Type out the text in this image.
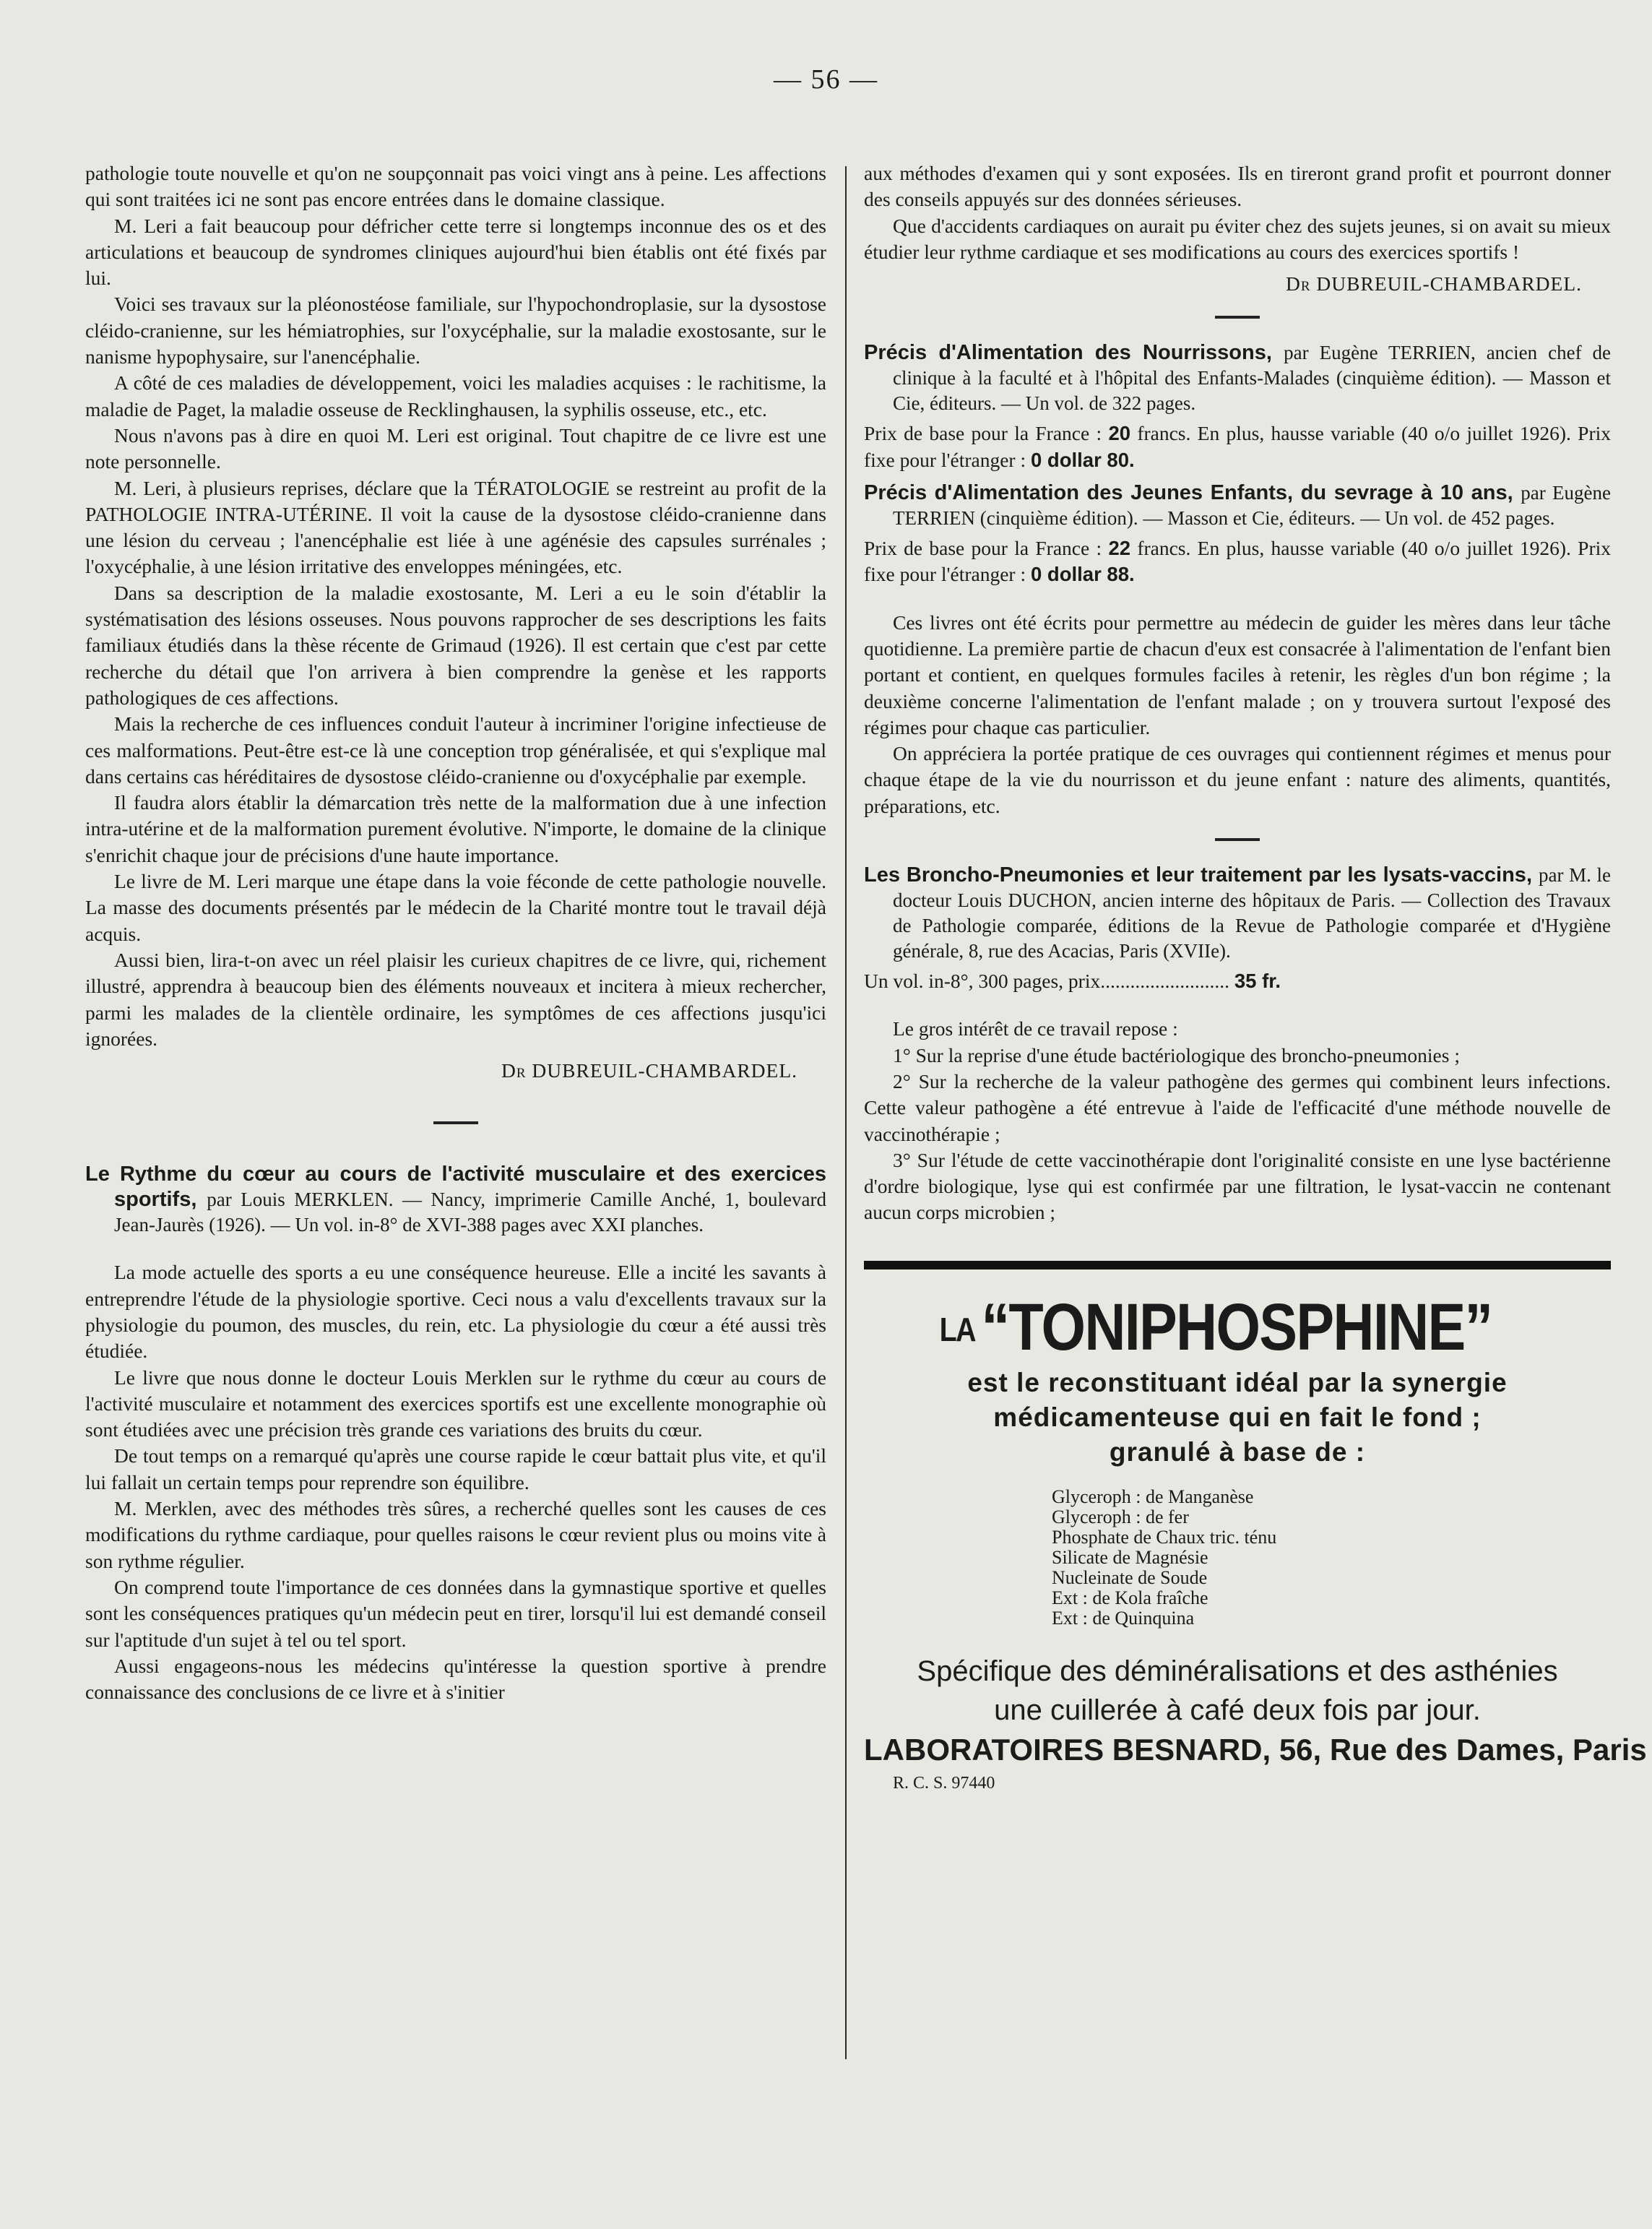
— 56 —

pathologie toute nouvelle et qu'on ne soupçonnait pas voici vingt ans à peine. Les affections qui sont traitées ici ne sont pas encore entrées dans le domaine classique.

M. Leri a fait beaucoup pour défricher cette terre si longtemps inconnue des os et des articulations et beaucoup de syndromes cliniques aujourd'hui bien établis ont été fixés par lui.

Voici ses travaux sur la pléonostéose familiale, sur l'hypochondroplasie, sur la dysostose cléido-cranienne, sur les hémiatrophies, sur l'oxycéphalie, sur la maladie exostosante, sur le nanisme hypophysaire, sur l'anencéphalie.

A côté de ces maladies de développement, voici les maladies acquises : le rachitisme, la maladie de Paget, la maladie osseuse de Recklinghausen, la syphilis osseuse, etc., etc.

Nous n'avons pas à dire en quoi M. Leri est original. Tout chapitre de ce livre est une note personnelle.

M. Leri, à plusieurs reprises, déclare que la TÉRATOLOGIE se restreint au profit de la PATHOLOGIE INTRA-UTÉRINE. Il voit la cause de la dysostose cléido-cranienne dans une lésion du cerveau ; l'anencéphalie est liée à une agénésie des capsules surrénales ; l'oxycéphalie, à une lésion irritative des enveloppes méningées, etc.

Dans sa description de la maladie exostosante, M. Leri a eu le soin d'établir la systématisation des lésions osseuses. Nous pouvons rapprocher de ses descriptions les faits familiaux étudiés dans la thèse récente de Grimaud (1926). Il est certain que c'est par cette recherche du détail que l'on arrivera à bien comprendre la genèse et les rapports pathologiques de ces affections.

Mais la recherche de ces influences conduit l'auteur à incriminer l'origine infectieuse de ces malformations. Peut-être est-ce là une conception trop généralisée, et qui s'explique mal dans certains cas héréditaires de dysostose cléido-cranienne ou d'oxycéphalie par exemple.

Il faudra alors établir la démarcation très nette de la malformation due à une infection intra-utérine et de la malformation purement évolutive. N'importe, le domaine de la clinique s'enrichit chaque jour de précisions d'une haute importance.

Le livre de M. Leri marque une étape dans la voie féconde de cette pathologie nouvelle. La masse des documents présentés par le médecin de la Charité montre tout le travail déjà acquis.

Aussi bien, lira-t-on avec un réel plaisir les curieux chapitres de ce livre, qui, richement illustré, apprendra à beaucoup bien des éléments nouveaux et incitera à mieux rechercher, parmi les malades de la clientèle ordinaire, les symptômes de ces affections jusqu'ici ignorées.

Dr DUBREUIL-CHAMBARDEL.

Le Rythme du cœur au cours de l'activité musculaire et des exercices sportifs, par Louis MERKLEN. — Nancy, imprimerie Camille Anché, 1, boulevard Jean-Jaurès (1926). — Un vol. in-8° de XVI-388 pages avec XXI planches.

La mode actuelle des sports a eu une conséquence heureuse. Elle a incité les savants à entreprendre l'étude de la physiologie sportive. Ceci nous a valu d'excellents travaux sur la physiologie du poumon, des muscles, du rein, etc. La physiologie du cœur a été aussi très étudiée.

Le livre que nous donne le docteur Louis Merklen sur le rythme du cœur au cours de l'activité musculaire et notamment des exercices sportifs est une excellente monographie où sont étudiées avec une précision très grande ces variations des bruits du cœur.

De tout temps on a remarqué qu'après une course rapide le cœur battait plus vite, et qu'il lui fallait un certain temps pour reprendre son équilibre.

M. Merklen, avec des méthodes très sûres, a recherché quelles sont les causes de ces modifications du rythme cardiaque, pour quelles raisons le cœur revient plus ou moins vite à son rythme régulier.

On comprend toute l'importance de ces données dans la gymnastique sportive et quelles sont les conséquences pratiques qu'un médecin peut en tirer, lorsqu'il lui est demandé conseil sur l'aptitude d'un sujet à tel ou tel sport.

Aussi engageons-nous les médecins qu'intéresse la question sportive à prendre connaissance des conclusions de ce livre et à s'initier

aux méthodes d'examen qui y sont exposées. Ils en tireront grand profit et pourront donner des conseils appuyés sur des données sérieuses.

Que d'accidents cardiaques on aurait pu éviter chez des sujets jeunes, si on avait su mieux étudier leur rythme cardiaque et ses modifications au cours des exercices sportifs !

Dr DUBREUIL-CHAMBARDEL.

Précis d'Alimentation des Nourrissons, par Eugène TERRIEN, ancien chef de clinique à la faculté et à l'hôpital des Enfants-Malades (cinquième édition). — Masson et Cie, éditeurs. — Un vol. de 322 pages.

Prix de base pour la France : 20 francs. En plus, hausse variable (40 o/o juillet 1926). Prix fixe pour l'étranger : 0 dollar 80.

Précis d'Alimentation des Jeunes Enfants, du sevrage à 10 ans, par Eugène TERRIEN (cinquième édition). — Masson et Cie, éditeurs. — Un vol. de 452 pages.

Prix de base pour la France : 22 francs. En plus, hausse variable (40 o/o juillet 1926). Prix fixe pour l'étranger : 0 dollar 88.

Ces livres ont été écrits pour permettre au médecin de guider les mères dans leur tâche quotidienne. La première partie de chacun d'eux est consacrée à l'alimentation de l'enfant bien portant et contient, en quelques formules faciles à retenir, les règles d'un bon régime ; la deuxième concerne l'alimentation de l'enfant malade ; on y trouvera surtout l'exposé des régimes pour chaque cas particulier.

On appréciera la portée pratique de ces ouvrages qui contiennent régimes et menus pour chaque étape de la vie du nourrisson et du jeune enfant : nature des aliments, quantités, préparations, etc.

Les Broncho-Pneumonies et leur traitement par les lysats-vaccins, par M. le docteur Louis DUCHON, ancien interne des hôpitaux de Paris. — Collection des Travaux de Pathologie comparée, éditions de la Revue de Pathologie comparée et d'Hygiène générale, 8, rue des Acacias, Paris (XVIIe).

Un vol. in-8°, 300 pages, prix.......................... 35 fr.

Le gros intérêt de ce travail repose :

1° Sur la reprise d'une étude bactériologique des broncho-pneumonies ;

2° Sur la recherche de la valeur pathogène des germes qui combinent leurs infections. Cette valeur pathogène a été entrevue à l'aide de l'efficacité d'une méthode nouvelle de vaccinothérapie ;

3° Sur l'étude de cette vaccinothérapie dont l'originalité consiste en une lyse bactérienne d'ordre biologique, lyse qui est confirmée par une filtration, le lysat-vaccin ne contenant aucun corps microbien ;

LA“TONIPHOSPHINE”
est le reconstituant idéal par la synergie
médicamenteuse qui en fait le fond ;
granulé à base de :
Glyceroph : de Manganèse
Glyceroph : de fer
Phosphate de Chaux tric. ténu
Silicate de Magnésie
Nucleinate de Soude
Ext : de Kola fraîche
Ext : de Quinquina
Spécifique des déminéralisations et des asthénies
une cuillerée à café deux fois par jour.
LABORATOIRES BESNARD, 56, Rue des Dames, Paris
R. C. S. 97440
